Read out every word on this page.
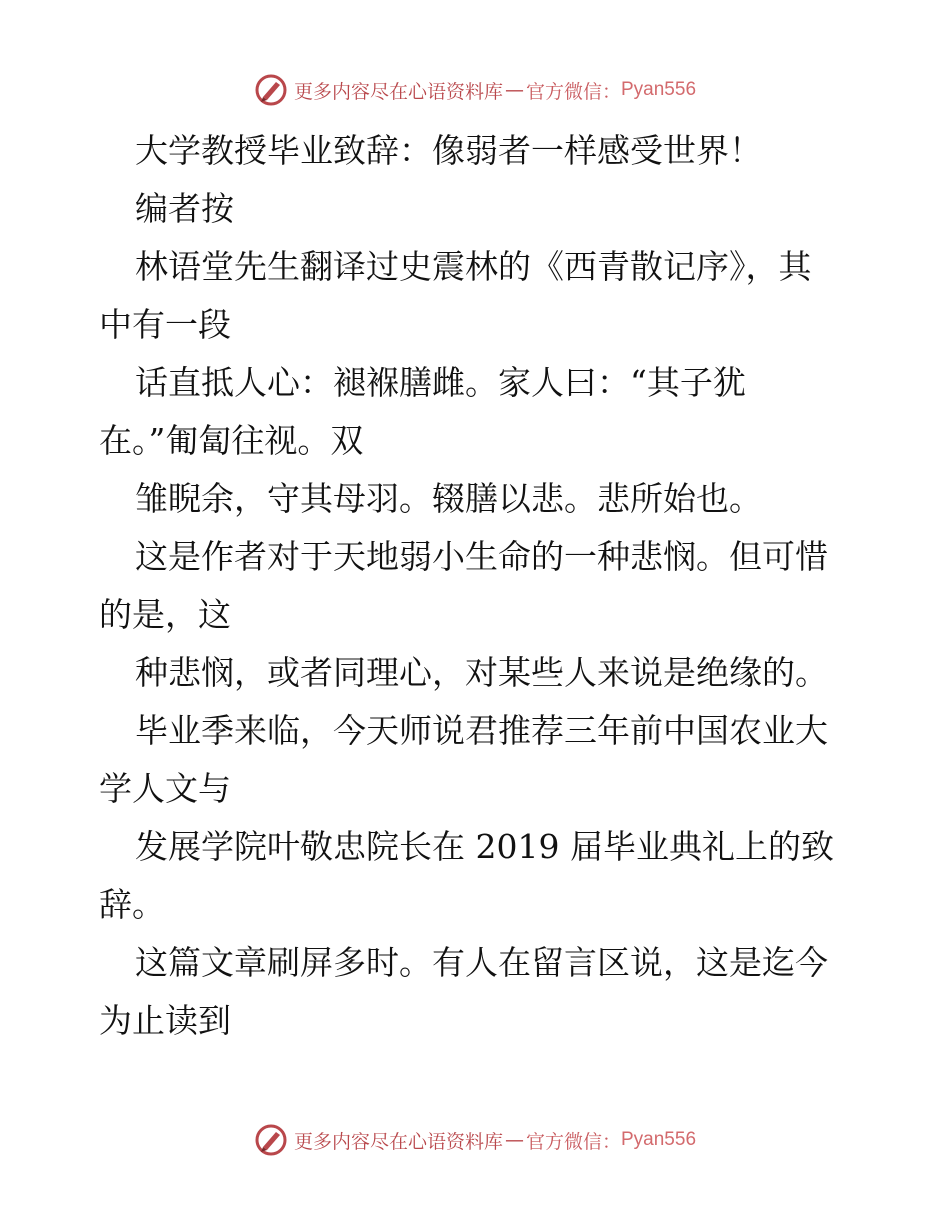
更多内容尽在心语资料库 — 官方微信： Pyan556
大学教授毕业致辞：像弱者一样感受世界！
编者按
林语堂先生翻译过史震林的《西青散记序》，其
中有一段
话直抵人心：褪褓膳雌。家人曰：“其子犹
在。”匍匐往视。双
雏睨余，守其母羽。辍膳以悲。悲所始也。
这是作者对于天地弱小生命的一种悲悯。但可惜
的是，这
种悲悯，或者同理心，对某些人来说是绝缘的。
毕业季来临，今天师说君推荐三年前中国农业大
学人文与
发展学院叶敬忠院长在 2019 届毕业典礼上的致
辞。
这篇文章刷屏多时。有人在留言区说，这是迄今
为止读到
更多内容尽在心语资料库 — 官方微信： Pyan556
